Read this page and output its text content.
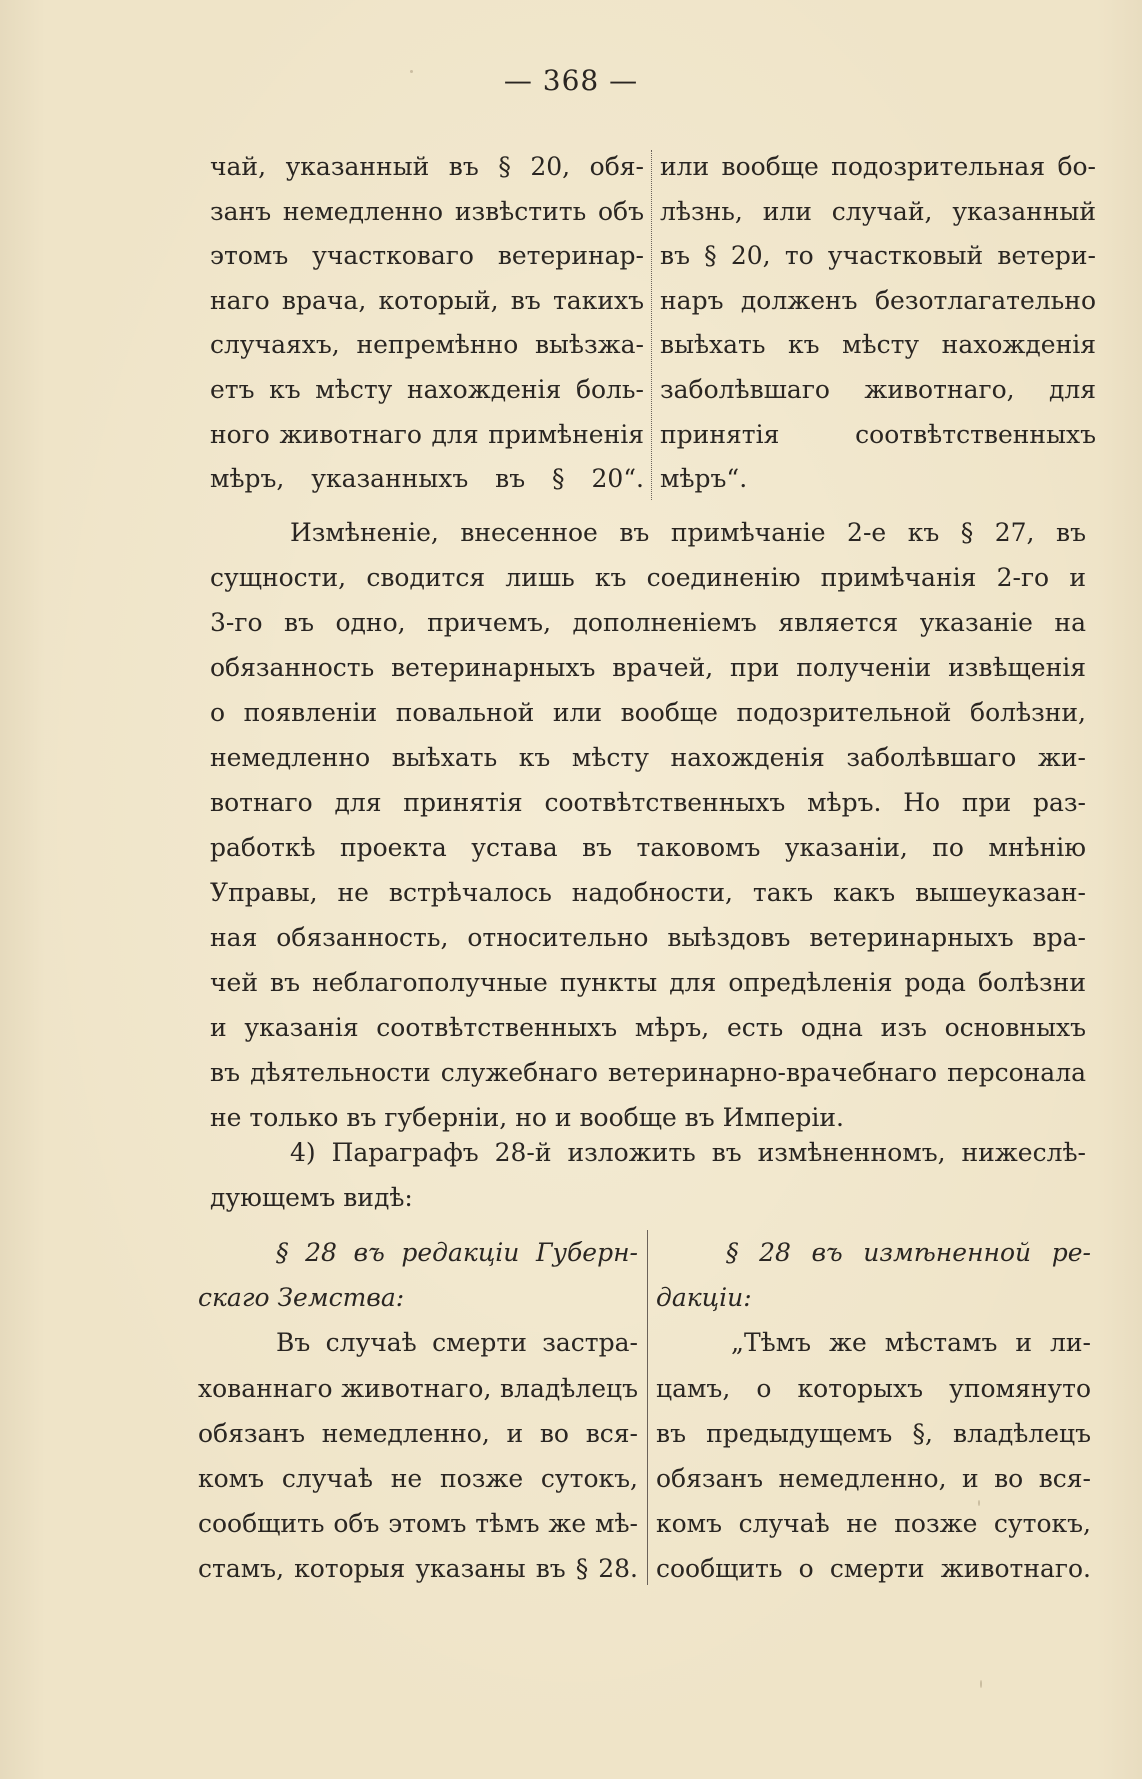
— 368 —
чай, указанный въ § 20, обя-
занъ немедленно извѣстить объ
этомъ участковаго ветеринар-
наго врача, который, въ такихъ
случаяхъ, непремѣнно выѣзжа-
етъ къ мѣсту нахожденія боль-
ного животнаго для примѣненія
мѣръ, указанныхъ въ § 20“.
или вообще подозрительная бо-
лѣзнь, или случай, указанный
въ § 20, то участковый ветери-
наръ долженъ безотлагательно
выѣхать къ мѣсту нахожденія
заболѣвшаго животнаго, для
принятія соотвѣтственныхъ
мѣръ“.
Измѣненіе, внесенное въ примѣчаніе 2-е къ § 27, въ
сущности, сводится лишь къ соединенію примѣчанія 2-го и
3-го въ одно, причемъ, дополненіемъ является указаніе на
обязанность ветеринарныхъ врачей, при полученіи извѣщенія
о появленіи повальной или вообще подозрительной болѣзни,
немедленно выѣхать къ мѣсту нахожденія заболѣвшаго жи-
вотнаго для принятія соотвѣтственныхъ мѣръ. Но при раз-
работкѣ проекта устава въ таковомъ указаніи, по мнѣнію
Управы, не встрѣчалось надобности, такъ какъ вышеуказан-
ная обязанность, относительно выѣздовъ ветеринарныхъ вра-
чей въ неблагополучные пункты для опредѣленія рода болѣзни
и указанія соотвѣтственныхъ мѣръ, есть одна изъ основныхъ
въ дѣятельности служебнаго ветеринарно-врачебнаго персонала
не только въ губерніи, но и вообще въ Имперіи.
4) Параграфъ 28-й изложить въ измѣненномъ, нижеслѣ-
дующемъ видѣ:
§ 28 въ редакціи Губерн-
скаго Земства:
Въ случаѣ смерти застра-
хованнаго животнаго, владѣлецъ
обязанъ немедленно, и во вся-
комъ случаѣ не позже сутокъ,
сообщить объ этомъ тѣмъ же мѣ-
стамъ, которыя указаны въ § 28.
§ 28 въ измѣненной ре-
дакціи:
„Тѣмъ же мѣстамъ и ли-
цамъ, о которыхъ упомянуто
въ предыдущемъ §, владѣлецъ
обязанъ немедленно, и во вся-
комъ случаѣ не позже сутокъ,
сообщить о смерти животнаго.
